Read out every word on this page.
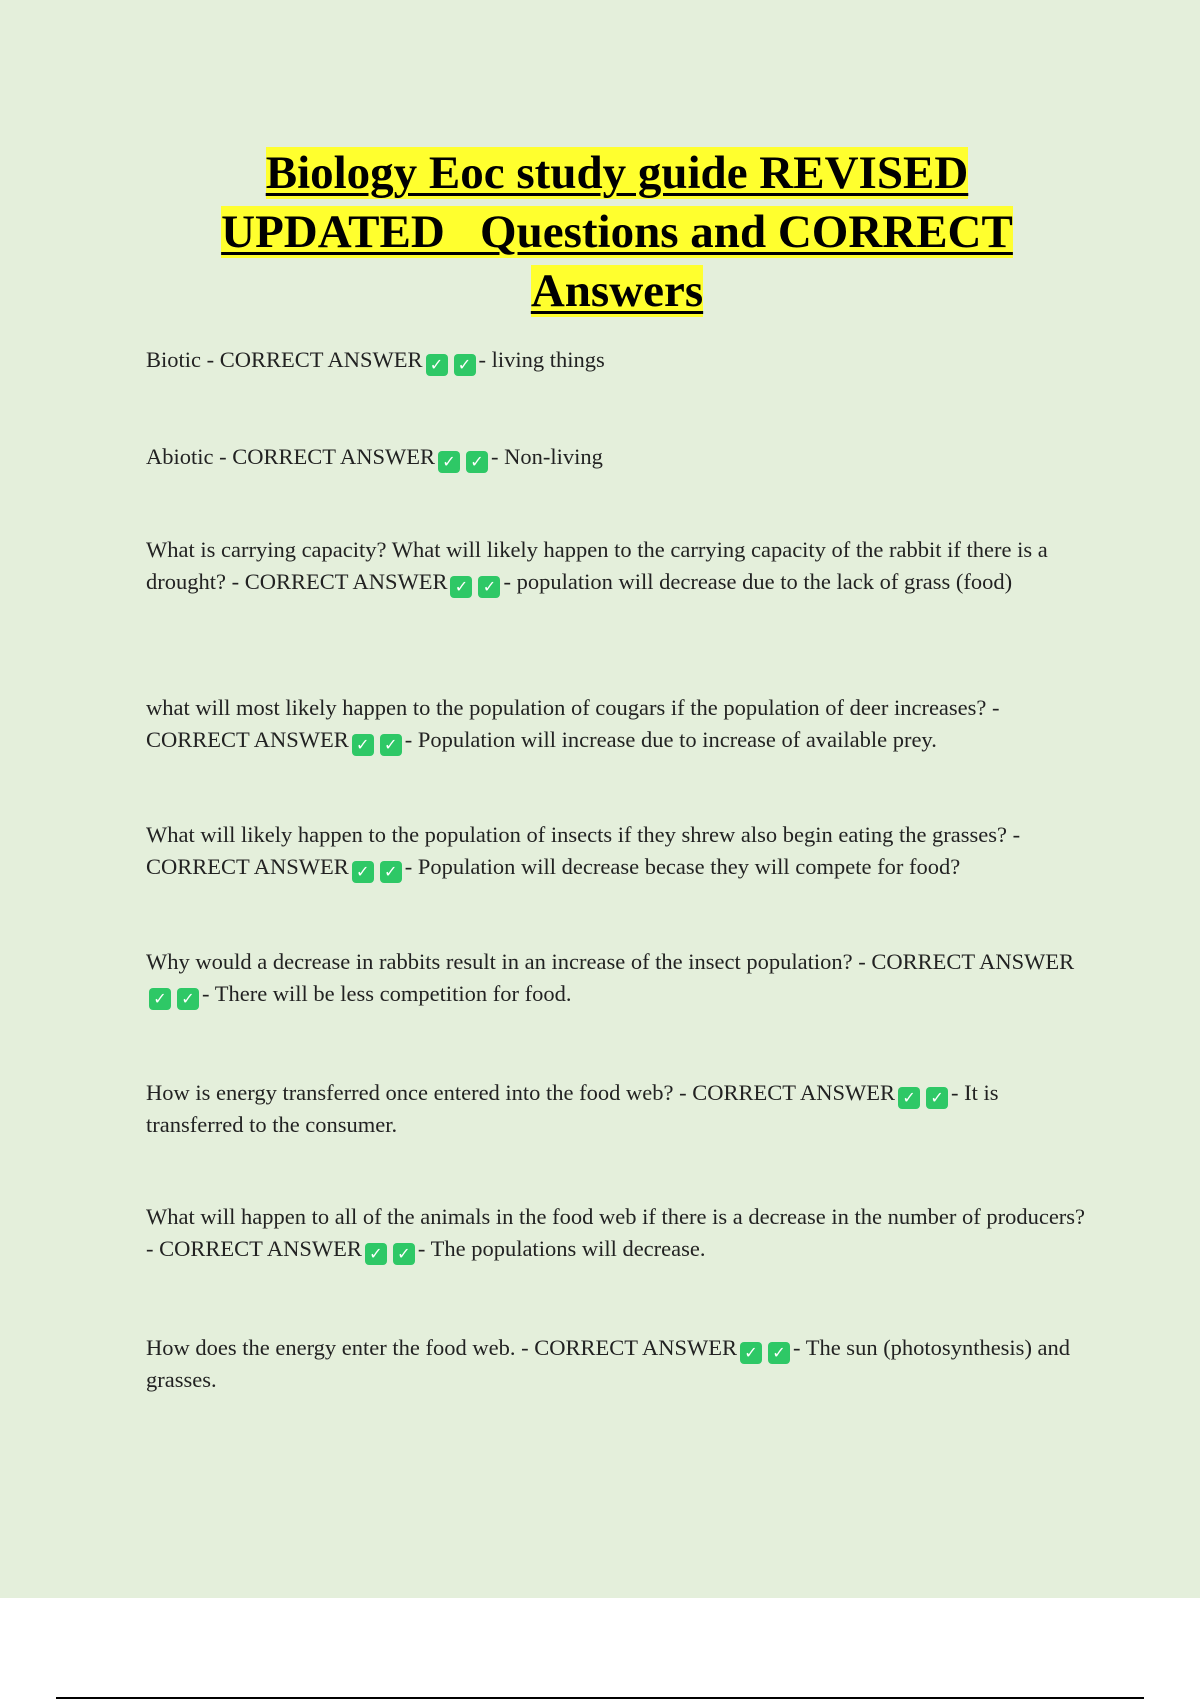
Biology Eoc study guide REVISED
UPDATED   Questions and CORRECT
Answers
Biotic - CORRECT ANSWER ✓ ✓ - living things
Abiotic - CORRECT ANSWER ✓ ✓ - Non-living
What is carrying capacity? What will likely happen to the carrying capacity of the rabbit if there is a drought? - CORRECT ANSWER ✓ ✓ - population will decrease due to the lack of grass (food)
what will most likely happen to the population of cougars if the population of deer increases? - CORRECT ANSWER ✓ ✓ - Population will increase due to increase of available prey.
What will likely happen to the population of insects if they shrew also begin eating the grasses? - CORRECT ANSWER ✓ ✓ - Population will decrease becase they will compete for food?
Why would a decrease in rabbits result in an increase of the insect population? - CORRECT ANSWER✓ ✓ - There will be less competition for food.
How is energy transferred once entered into the food web? - CORRECT ANSWER ✓ ✓ - It is transferred to the consumer.
What will happen to all of the animals in the food web if there is a decrease in the number of producers? - CORRECT ANSWER ✓ ✓ - The populations will decrease.
How does the energy enter the food web. - CORRECT ANSWER ✓ ✓ - The sun (photosynthesis) and grasses.
